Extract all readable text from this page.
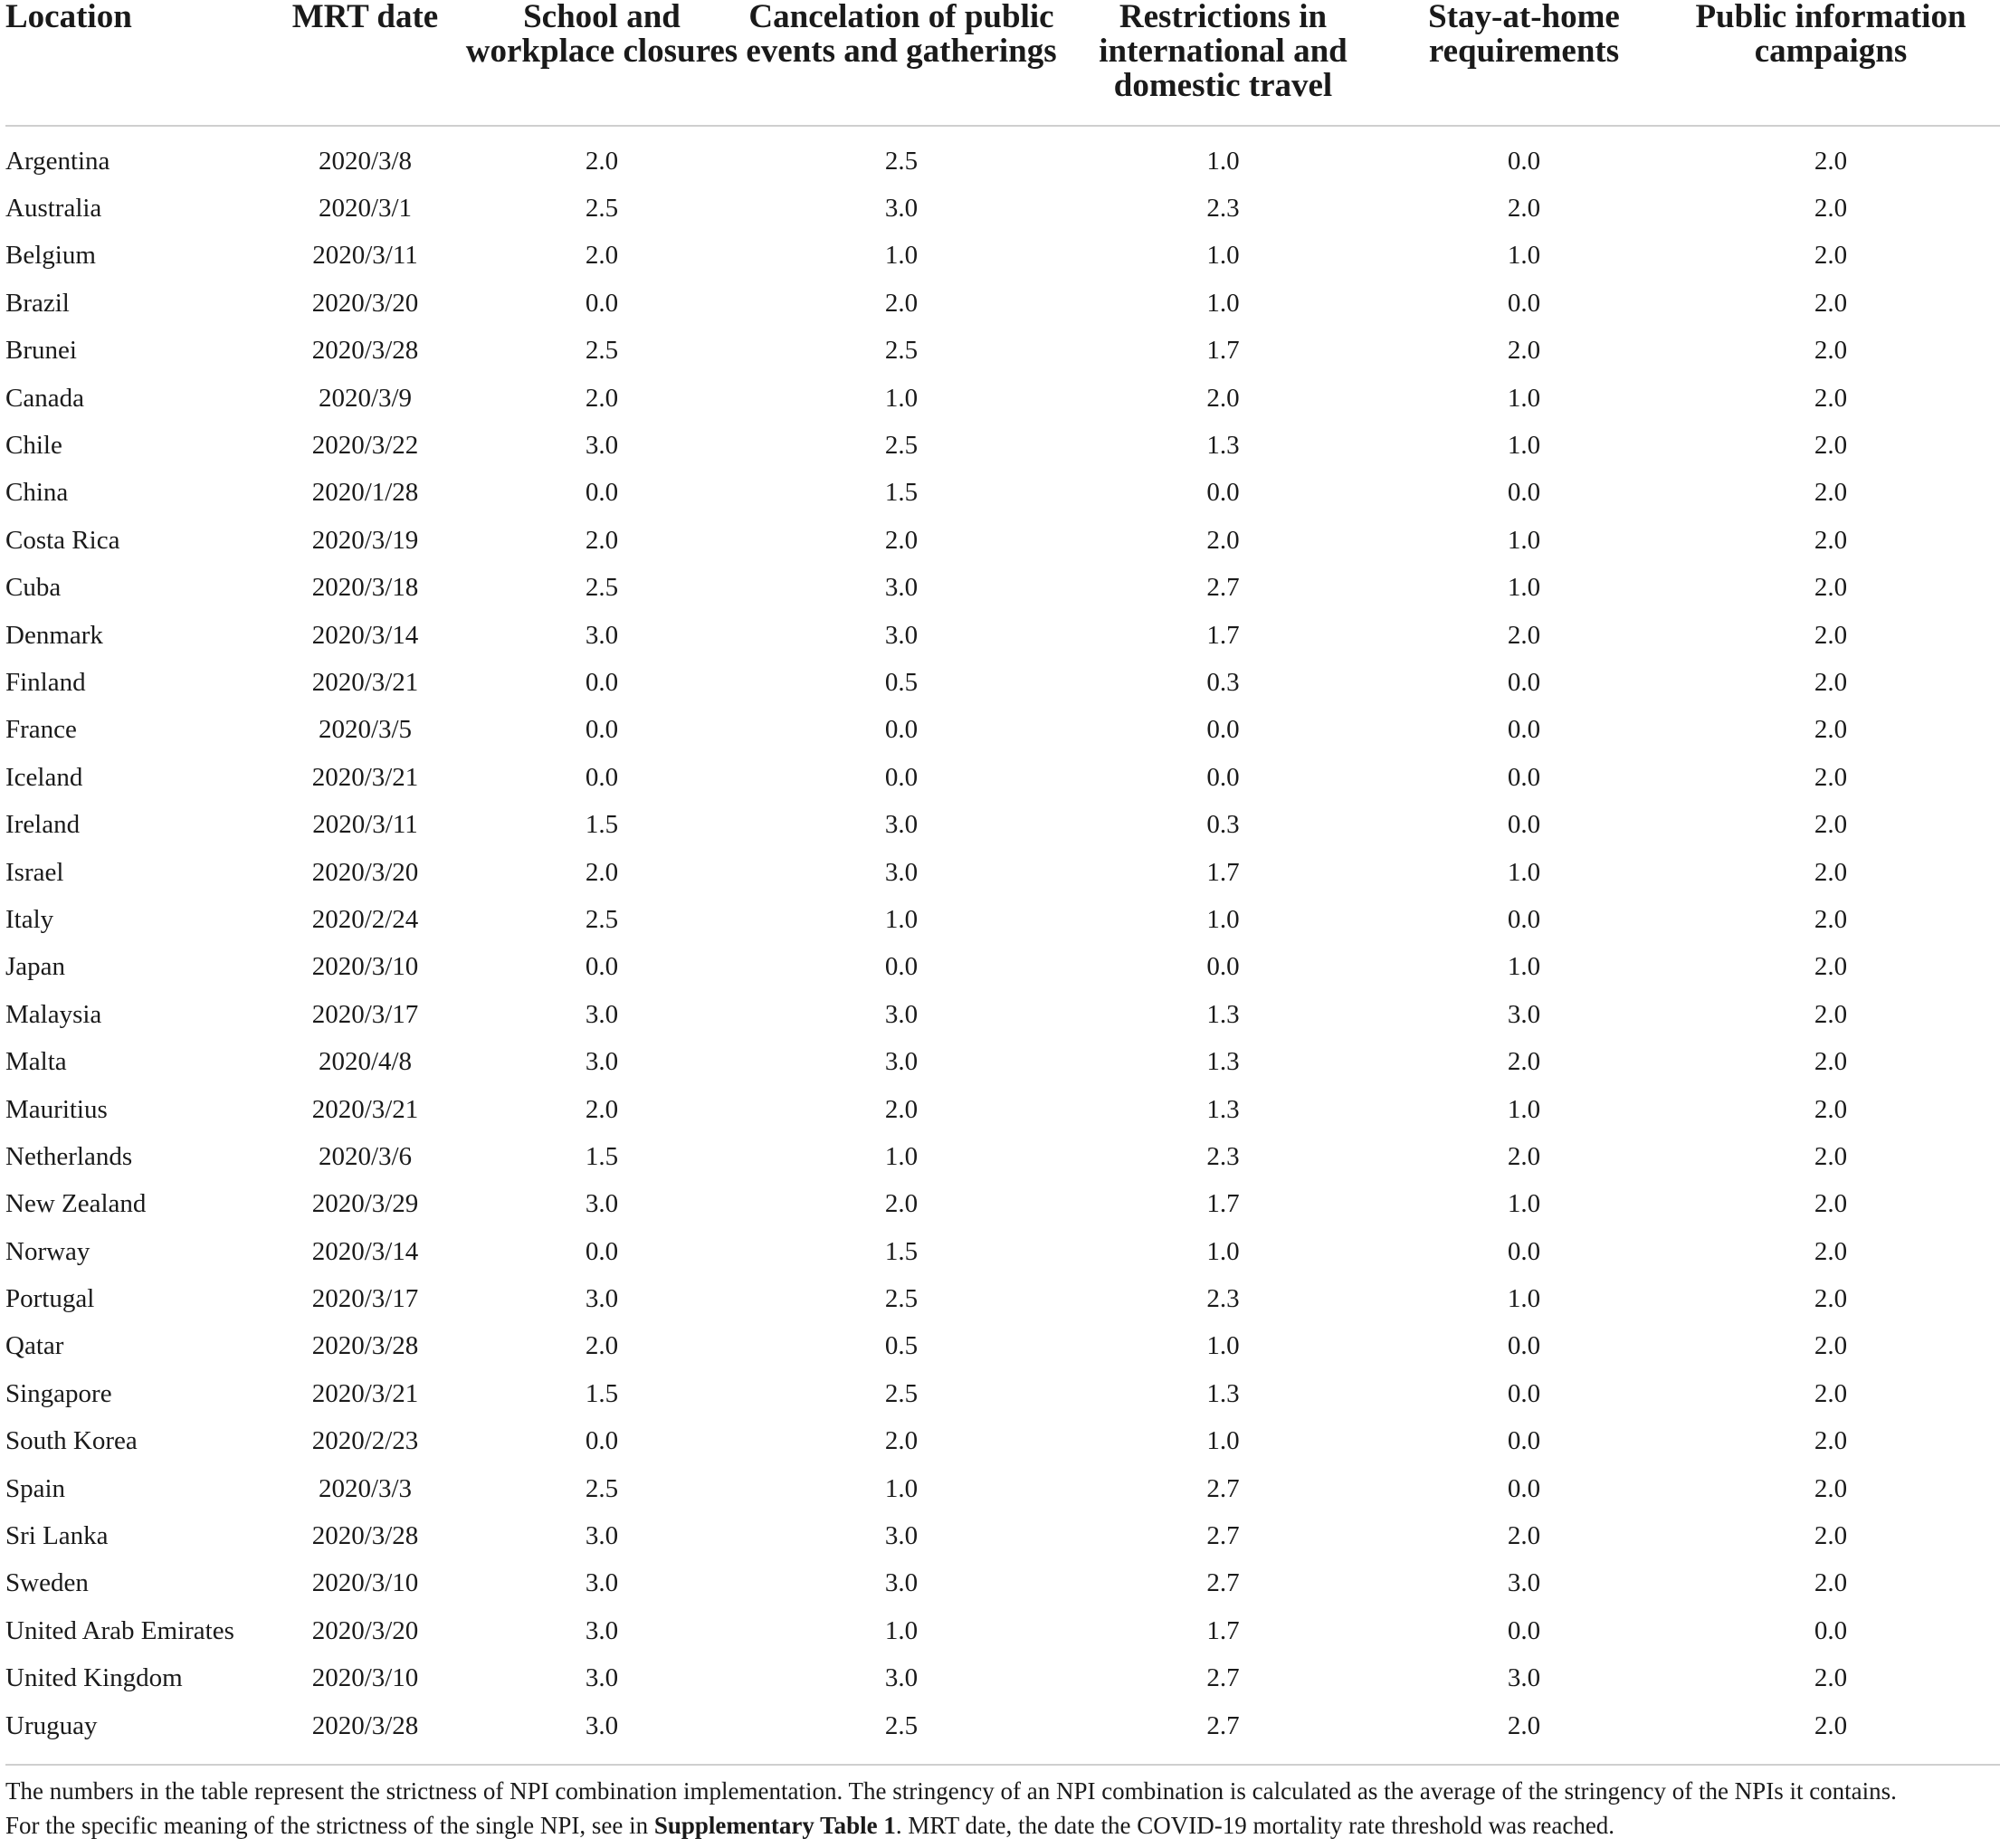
Location	MRT date	School and workplace closures	Cancelation of public events and gatherings	Restrictions in international and domestic travel	Stay-at-home requirements	Public information campaigns
Argentina	2020/3/8	2.0	2.5	1.0	0.0	2.0
Australia	2020/3/1	2.5	3.0	2.3	2.0	2.0
Belgium	2020/3/11	2.0	1.0	1.0	1.0	2.0
Brazil	2020/3/20	0.0	2.0	1.0	0.0	2.0
Brunei	2020/3/28	2.5	2.5	1.7	2.0	2.0
Canada	2020/3/9	2.0	1.0	2.0	1.0	2.0
Chile	2020/3/22	3.0	2.5	1.3	1.0	2.0
China	2020/1/28	0.0	1.5	0.0	0.0	2.0
Costa Rica	2020/3/19	2.0	2.0	2.0	1.0	2.0
Cuba	2020/3/18	2.5	3.0	2.7	1.0	2.0
Denmark	2020/3/14	3.0	3.0	1.7	2.0	2.0
Finland	2020/3/21	0.0	0.5	0.3	0.0	2.0
France	2020/3/5	0.0	0.0	0.0	0.0	2.0
Iceland	2020/3/21	0.0	0.0	0.0	0.0	2.0
Ireland	2020/3/11	1.5	3.0	0.3	0.0	2.0
Israel	2020/3/20	2.0	3.0	1.7	1.0	2.0
Italy	2020/2/24	2.5	1.0	1.0	0.0	2.0
Japan	2020/3/10	0.0	0.0	0.0	1.0	2.0
Malaysia	2020/3/17	3.0	3.0	1.3	3.0	2.0
Malta	2020/4/8	3.0	3.0	1.3	2.0	2.0
Mauritius	2020/3/21	2.0	2.0	1.3	1.0	2.0
Netherlands	2020/3/6	1.5	1.0	2.3	2.0	2.0
New Zealand	2020/3/29	3.0	2.0	1.7	1.0	2.0
Norway	2020/3/14	0.0	1.5	1.0	0.0	2.0
Portugal	2020/3/17	3.0	2.5	2.3	1.0	2.0
Qatar	2020/3/28	2.0	0.5	1.0	0.0	2.0
Singapore	2020/3/21	1.5	2.5	1.3	0.0	2.0
South Korea	2020/2/23	0.0	2.0	1.0	0.0	2.0
Spain	2020/3/3	2.5	1.0	2.7	0.0	2.0
Sri Lanka	2020/3/28	3.0	3.0	2.7	2.0	2.0
Sweden	2020/3/10	3.0	3.0	2.7	3.0	2.0
United Arab Emirates	2020/3/20	3.0	1.0	1.7	0.0	0.0
United Kingdom	2020/3/10	3.0	3.0	2.7	3.0	2.0
Uruguay	2020/3/28	3.0	2.5	2.7	2.0	2.0
The numbers in the table represent the strictness of NPI combination implementation. The stringency of an NPI combination is calculated as the average of the stringency of the NPIs it contains.
For the specific meaning of the strictness of the single NPI, see in Supplementary Table 1. MRT date, the date the COVID-19 mortality rate threshold was reached.
